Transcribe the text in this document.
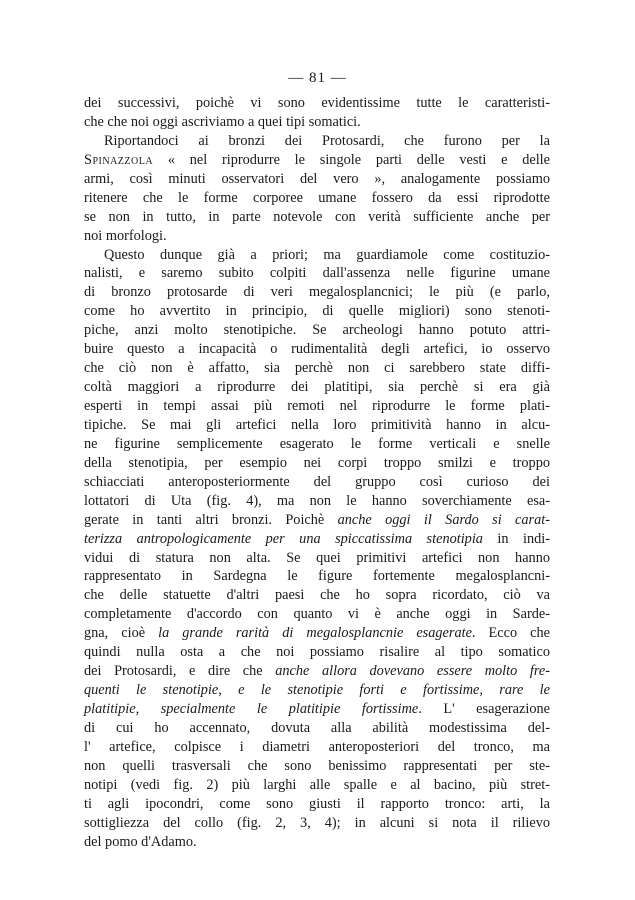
— 81 —
dei successivi, poichè vi sono evidentissime tutte le caratteristi-
che che noi oggi ascriviamo a quei tipi somatici.
Riportandoci ai bronzi dei Protosardi, che furono per la
Spinazzola « nel riprodurre le singole parti delle vesti e delle
armi, così minuti osservatori del vero », analogamente possiamo
ritenere che le forme corporee umane fossero da essi riprodotte
se non in tutto, in parte notevole con verità sufficiente anche per
noi morfologi.
Questo dunque già a priori; ma guardiamole come costituzio-
nalisti, e saremo subito colpiti dall'assenza nelle figurine umane
di bronzo protosarde di veri megalosplancnici; le più (e parlo,
come ho avvertito in principio, di quelle migliori) sono stenoti-
piche, anzi molto stenotipiche. Se archeologi hanno potuto attri-
buire questo a incapacità o rudimentalità degli artefici, io osservo
che ciò non è affatto, sia perchè non ci sarebbero state diffi-
coltà maggiori a riprodurre dei platitipi, sia perchè si era già
esperti in tempi assai più remoti nel riprodurre le forme plati-
tipiche. Se mai gli artefici nella loro primitività hanno in alcu-
ne figurine semplicemente esagerato le forme verticali e snelle
della stenotipia, per esempio nei corpi troppo smilzi e troppo
schiacciati anteroposteriormente del gruppo così curioso dei
lottatori di Uta (fig. 4), ma non le hanno soverchiamente esa-
gerate in tanti altri bronzi. Poichè anche oggi il Sardo si carat-
terizza antropologicamente per una spiccatissima stenotipia in indi-
vidui di statura non alta. Se quei primitivi artefici non hanno
rappresentato in Sardegna le figure fortemente megalosplancni-
che delle statuette d'altri paesi che ho sopra ricordato, ciò va
completamente d'accordo con quanto vi è anche oggi in Sarde-
gna, cioè la grande rarità di megalosplancnie esagerate. Ecco che
quindi nulla osta a che noi possiamo risalire al tipo somatico
dei Protosardi, e dire che anche allora dovevano essere molto fre-
quenti le stenotipie, e le stenotipie forti e fortissime, rare le
platitipie, specialmente le platitipie fortissime. L' esagerazione
di cui ho accennato, dovuta alla abilità modestissima del-
l' artefice, colpisce i diametri anteroposteriori del tronco, ma
non quelli trasversali che sono benissimo rappresentati per ste-
notipi (vedi fig. 2) più larghi alle spalle e al bacino, più stret-
ti agli ipocondri, come sono giusti il rapporto tronco: arti, la
sottigliezza del collo (fig. 2, 3, 4); in alcuni si nota il rilievo
del pomo d'Adamo.
